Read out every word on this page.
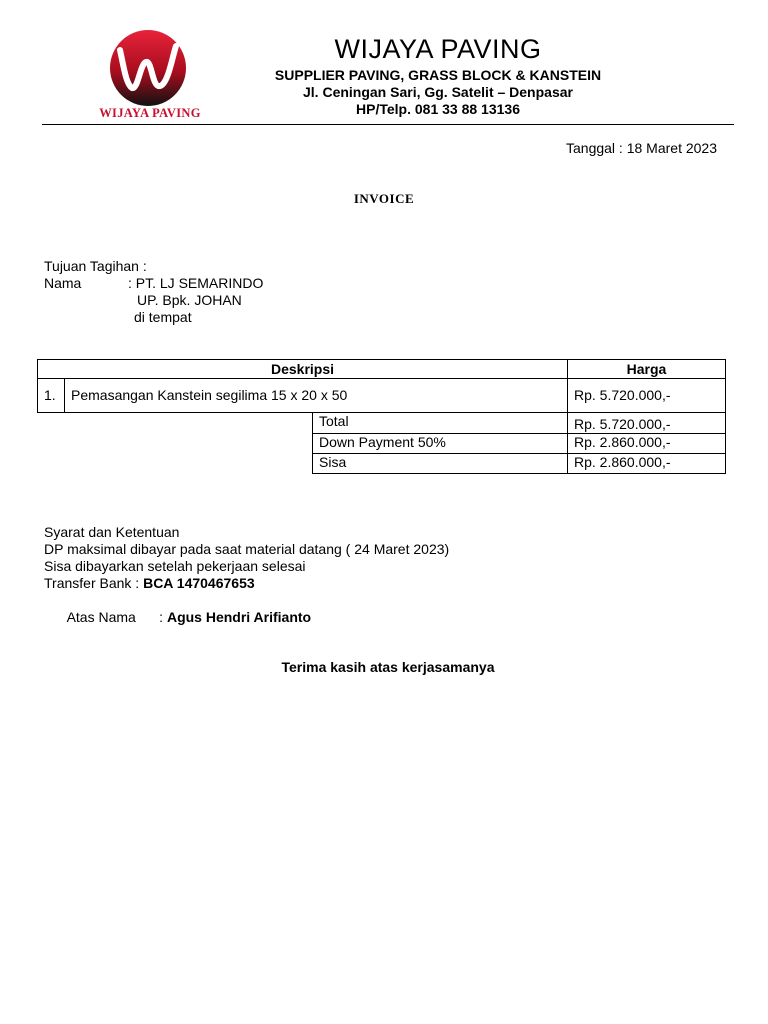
WIJAYA PAVING
WIJAYA PAVING
SUPPLIER PAVING, GRASS BLOCK & KANSTEIN
Jl. Ceningan Sari, Gg. Satelit – Denpasar
HP/Telp. 081 33 88 13136
Tanggal : 18 Maret 2023
INVOICE
Tujuan Tagihan :
Nama	: PT. LJ SEMARINDO
UP. Bpk. JOHAN
di tempat
Deskripsi	Harga
1.	Pemasangan Kanstein segilima 15 x 20 x 50	Rp. 5.720.000,-
Total	Rp. 5.720.000,-
Down Payment 50%	Rp. 2.860.000,-
Sisa	Rp. 2.860.000,-
Syarat dan Ketentuan
DP maksimal dibayar pada saat material datang ( 24 Maret 2023)
Sisa dibayarkan setelah pekerjaan selesai
Transfer Bank : BCA 1470467653

Atas Nama      : Agus Hendri Arifianto

Terima kasih atas kerjasamanya
